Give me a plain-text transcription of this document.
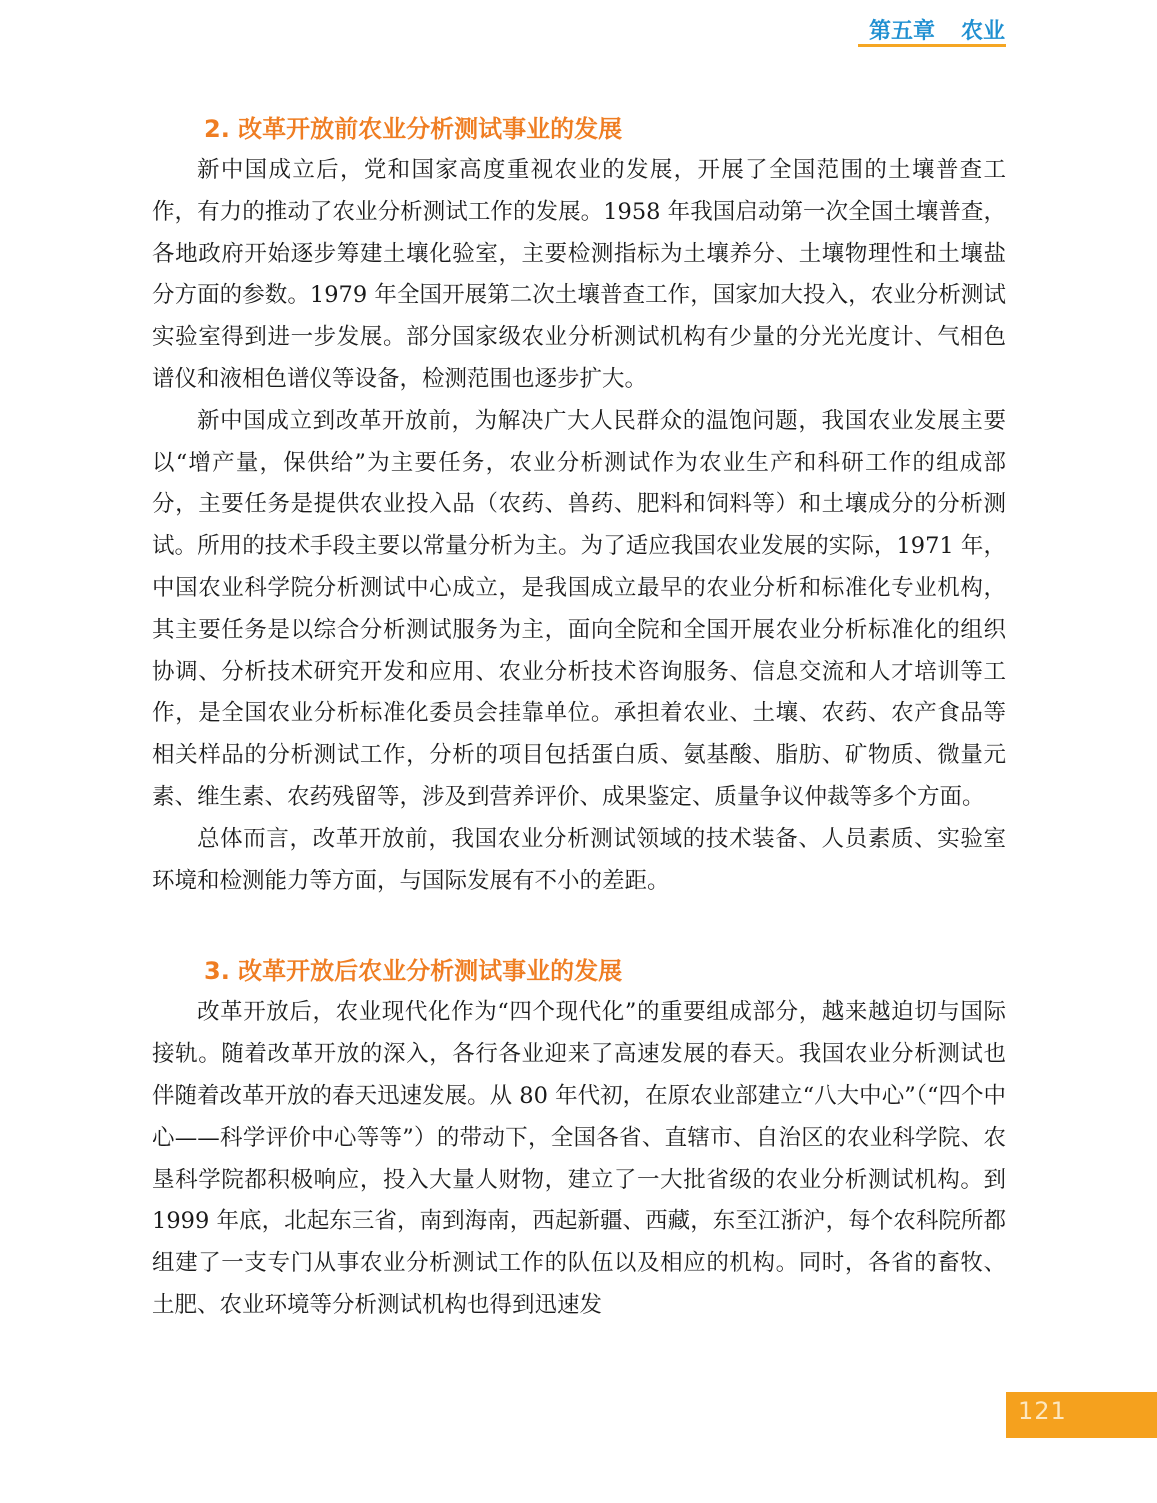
第五章 农业
2. 改革开放前农业分析测试事业的发展

新中国成立后，党和国家高度重视农业的发展，开展了全国范围的土壤普查工作，有力的推动了农业分析测试工作的发展。1958 年我国启动第一次全国土壤普查，各地政府开始逐步筹建土壤化验室，主要检测指标为土壤养分、土壤物理性和土壤盐分方面的参数。1979 年全国开展第二次土壤普查工作，国家加大投入，农业分析测试实验室得到进一步发展。部分国家级农业分析测试机构有少量的分光光度计、气相色谱仪和液相色谱仪等设备，检测范围也逐步扩大。

新中国成立到改革开放前，为解决广大人民群众的温饱问题，我国农业发展主要以“增产量，保供给”为主要任务，农业分析测试作为农业生产和科研工作的组成部分，主要任务是提供农业投入品（农药、兽药、肥料和饲料等）和土壤成分的分析测试。所用的技术手段主要以常量分析为主。为了适应我国农业发展的实际，1971 年，中国农业科学院分析测试中心成立，是我国成立最早的农业分析和标准化专业机构，其主要任务是以综合分析测试服务为主，面向全院和全国开展农业分析标准化的组织协调、分析技术研究开发和应用、农业分析技术咨询服务、信息交流和人才培训等工作，是全国农业分析标准化委员会挂靠单位。承担着农业、土壤、农药、农产食品等相关样品的分析测试工作，分析的项目包括蛋白质、氨基酸、脂肪、矿物质、微量元素、维生素、农药残留等，涉及到营养评价、成果鉴定、质量争议仲裁等多个方面。

总体而言，改革开放前，我国农业分析测试领域的技术装备、人员素质、实验室环境和检测能力等方面，与国际发展有不小的差距。

3. 改革开放后农业分析测试事业的发展

改革开放后，农业现代化作为“四个现代化”的重要组成部分，越来越迫切与国际接轨。随着改革开放的深入，各行各业迎来了高速发展的春天。我国农业分析测试也伴随着改革开放的春天迅速发展。从 80 年代初，在原农业部建立“八大中心”（“四个中心——科学评价中心等等”）的带动下，全国各省、直辖市、自治区的农业科学院、农垦科学院都积极响应，投入大量人财物，建立了一大批省级的农业分析测试机构。到 1999 年底，北起东三省，南到海南，西起新疆、西藏，东至江浙沪，每个农科院所都组建了一支专门从事农业分析测试工作的队伍以及相应的机构。同时，各省的畜牧、土肥、农业环境等分析测试机构也得到迅速发

121
